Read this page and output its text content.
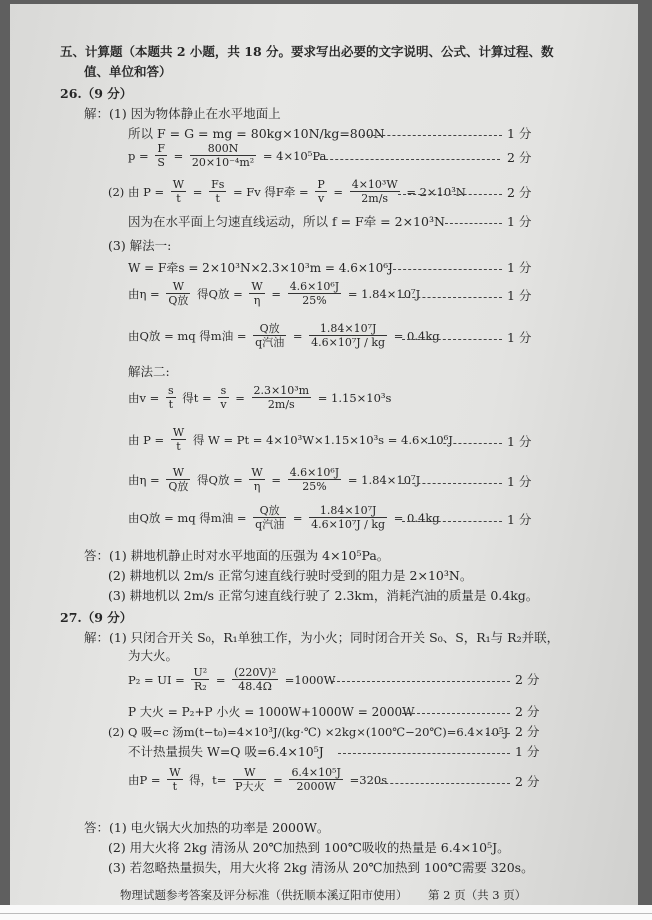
五、计算题（本题共 2 小题，共 18 分。要求写出必要的文字说明、公式、计算过程、数
值、单位和答）
26.（9 分）
解：(1) 因为物体静止在水平地面上
所以 F = G = mg = 80kg×10N/kg=800N	1 分
$p = \frac{F}{S} = \frac{800N}{\text{20×10⁻⁴m²}} = 4\times 10^5Pa$	2 分
(2) 由 $P = \frac{W}{t} = \frac{Fs}{t} = Fv$ 得F牵 = $\frac{P}{v} = \frac{\text{4×10³W}}{2m/s} = 2\times 10^3N$	2 分
因为在水平面上匀速直线运动，所以 f = F牵 = 2×10³N	1 分
(3) 解法一:
W = F牵s = 2×10³N×2.3×10³m = 4.6×10⁶J	1 分
由$\eta = \frac{W}{\text{Q放}}$ 得Q放 = $\frac{W}{\eta} = \frac{\text{4.6×10⁶J}}{25\%} = 1.84\times 10^7J$	1 分
由Q放 = mq 得m油 = $\frac{\text{Q放}}{\text{q汽油}} = \frac{\text{1.84×10⁷J}}{\text{4.6×10⁷J / kg}} = 0.4kg$	1 分
解法二:
由$v = \frac{s}{t}$ 得$t = \frac{s}{v} = \frac{\text{2.3×10³m}}{2m/s} = 1.15\times 10^3s$
由 $P = \frac{W}{t}$ 得 W = Pt = 4×10³W×1.15×10³s = 4.6×10⁶J	1 分
由$\eta = \frac{W}{\text{Q放}}$ 得Q放 = $\frac{W}{\eta} = \frac{\text{4.6×10⁶J}}{25\%} = 1.84\times 10^7J$	1 分
由Q放 = mq 得m油 = $\frac{\text{Q放}}{\text{q汽油}} = \frac{\text{1.84×10⁷J}}{\text{4.6×10⁷J / kg}} = 0.4kg$	1 分
答：(1) 耕地机静止时对水平地面的压强为 4×10⁵Pa。
(2) 耕地机以 2m/s 正常匀速直线行驶时受到的阻力是 2×10³N。
(3) 耕地机以 2m/s 正常匀速直线行驶了 2.3km，消耗汽油的质量是 0.4kg。
27.（9 分）
解：(1) 只闭合开关 S₀，R₁单独工作，为小火；同时闭合开关 S₀、S，R₁与 R₂并联，
为大火。
P₂ = UI = $\frac{\text{U²}}{\text{R₂}} = \frac{\text{(220V)²}}{48.4\Omega} =1000W$	2 分
P 大火 = P₂+P 小火 = 1000W+1000W = 2000W	2 分
(2) Q 吸=c 汤m(t−t₀)=4×10³J/(kg·℃) ×2kg×(100℃−20℃)=6.4×10⁵J 2 分
不计热量损失 W=Q 吸=6.4×10⁵J	1 分
由$P = \frac{W}{t}$ 得，$t= \frac{W}{\text{P大火}} = \frac{\text{6.4×10⁵J}}{2000W} =320s$	2 分
答：(1) 电火锅大火加热的功率是 2000W。
(2) 用大火将 2kg 清汤从 20℃加热到 100℃吸收的热量是 6.4×10⁵J。
(3) 若忽略热量损失，用大火将 2kg 清汤从 20℃加热到 100℃需要 320s。
物理试题参考答案及评分标准（供抚顺本溪辽阳市使用） 第 2 页（共 3 页）
